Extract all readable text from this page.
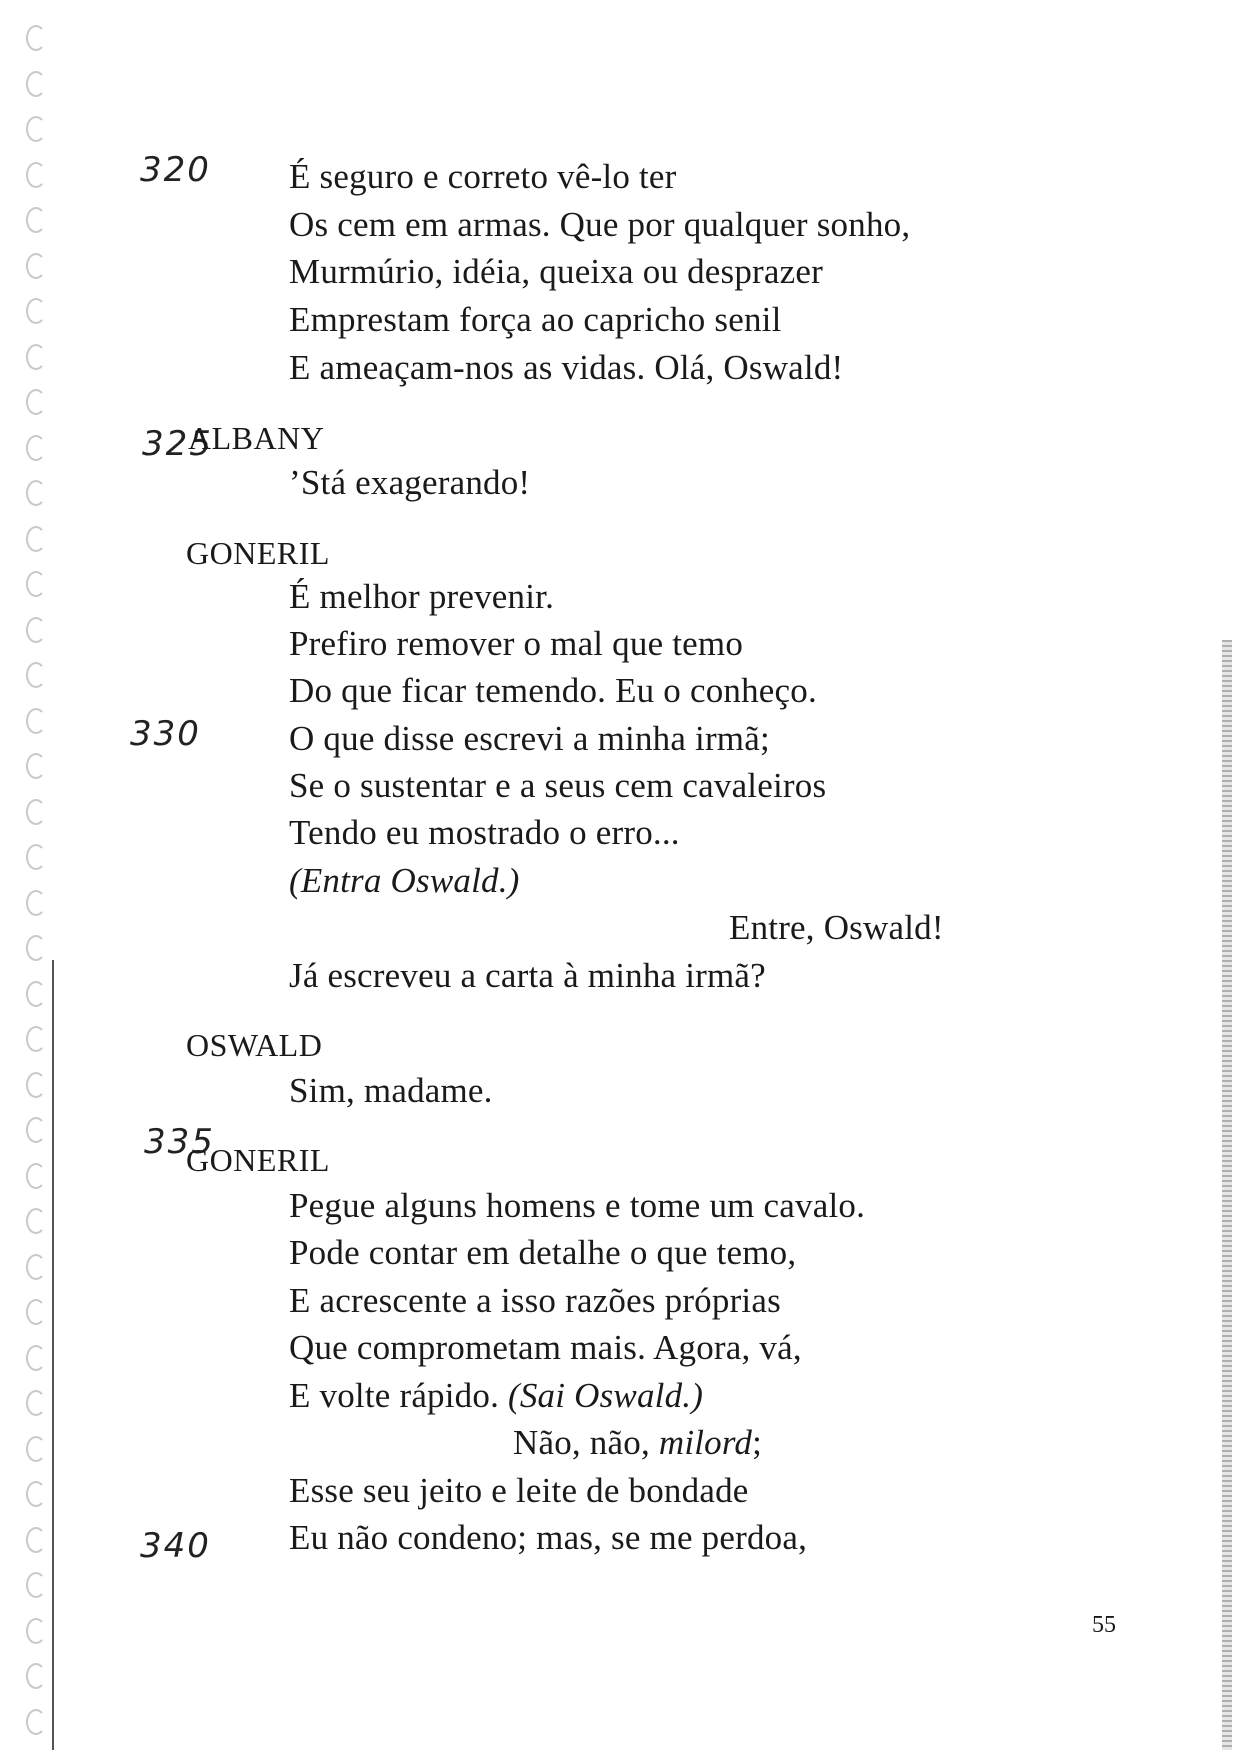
320
325
330
335
340
É seguro e correto vê-lo ter
Os cem em armas. Que por qualquer sonho,
Murmúrio, idéia, queixa ou desprazer
Emprestam força ao capricho senil
E ameaçam-nos as vidas. Olá, Oswald!
ALBANY
’Stá exagerando!
GONERIL
É melhor prevenir.
Prefiro remover o mal que temo
Do que ficar temendo. Eu o conheço.
O que disse escrevi a minha irmã;
Se o sustentar e a seus cem cavaleiros
Tendo eu mostrado o erro...
(Entra Oswald.)
Entre, Oswald!
Já escreveu a carta à minha irmã?
OSWALD
Sim, madame.
GONERIL
Pegue alguns homens e tome um cavalo.
Pode contar em detalhe o que temo,
E acrescente a isso razões próprias
Que comprometam mais. Agora, vá,
E volte rápido. (Sai Oswald.)
Não, não, milord;
Esse seu jeito e leite de bondade
Eu não condeno; mas, se me perdoa,
55
